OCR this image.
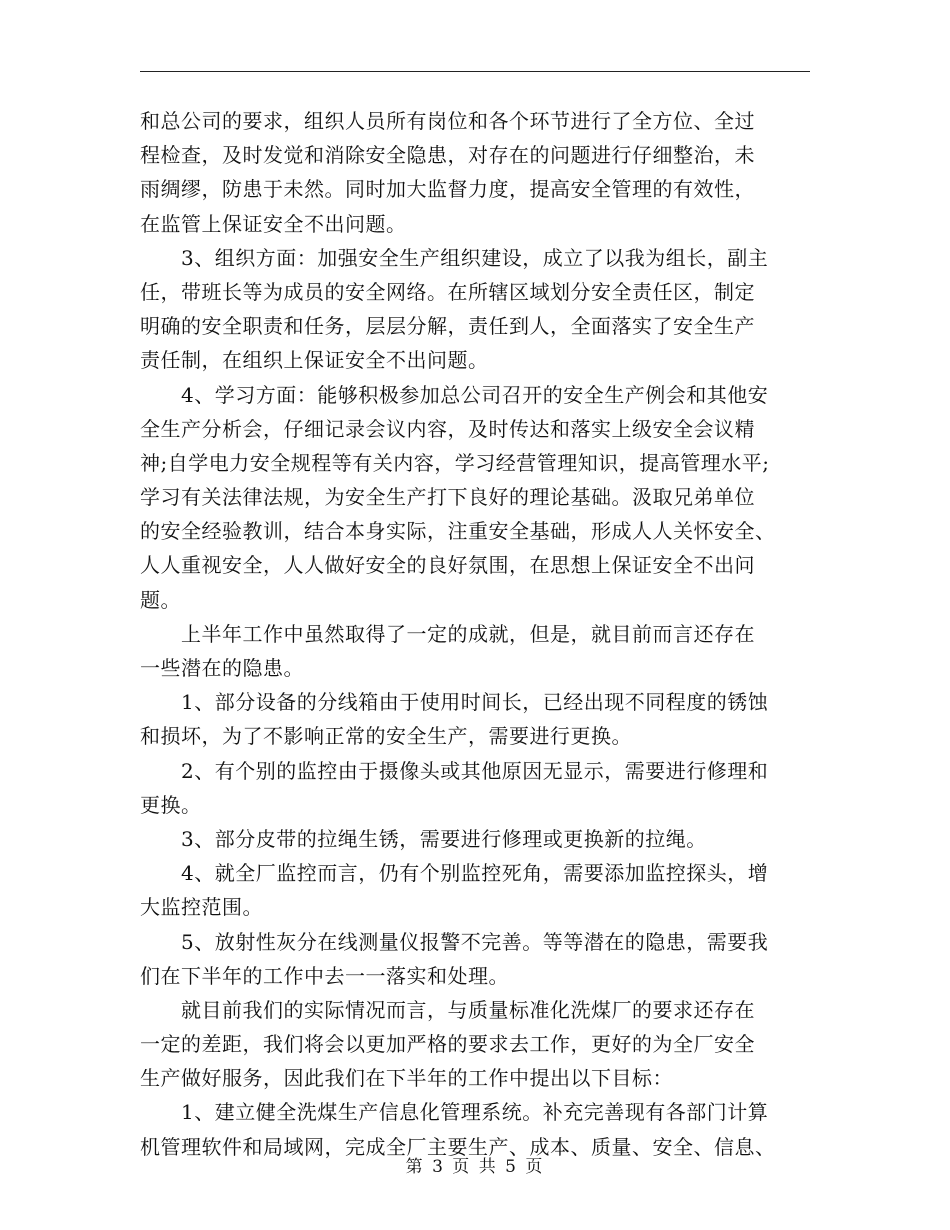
和总公司的要求，组织人员所有岗位和各个环节进行了全方位、全过
程检查，及时发觉和消除安全隐患，对存在的问题进行仔细整治，未
雨绸缪，防患于未然。同时加大监督力度，提高安全管理的有效性，
在监管上保证安全不出问题。
　　3、组织方面：加强安全生产组织建设，成立了以我为组长，副主
任，带班长等为成员的安全网络。在所辖区域划分安全责任区，制定
明确的安全职责和任务，层层分解，责任到人，全面落实了安全生产
责任制，在组织上保证安全不出问题。
　　4、学习方面：能够积极参加总公司召开的安全生产例会和其他安
全生产分析会，仔细记录会议内容，及时传达和落实上级安全会议精
神;自学电力安全规程等有关内容，学习经营管理知识，提高管理水平;
学习有关法律法规，为安全生产打下良好的理论基础。汲取兄弟单位
的安全经验教训，结合本身实际，注重安全基础，形成人人关怀安全、
人人重视安全，人人做好安全的良好氛围，在思想上保证安全不出问
题。
　　上半年工作中虽然取得了一定的成就，但是，就目前而言还存在
一些潜在的隐患。
　　1、部分设备的分线箱由于使用时间长，已经出现不同程度的锈蚀
和损坏，为了不影响正常的安全生产，需要进行更换。
　　2、有个别的监控由于摄像头或其他原因无显示，需要进行修理和
更换。
　　3、部分皮带的拉绳生锈，需要进行修理或更换新的拉绳。
　　4、就全厂监控而言，仍有个别监控死角，需要添加监控探头，增
大监控范围。
　　5、放射性灰分在线测量仪报警不完善。等等潜在的隐患，需要我
们在下半年的工作中去一一落实和处理。
　　就目前我们的实际情况而言，与质量标准化洗煤厂的要求还存在
一定的差距，我们将会以更加严格的要求去工作，更好的为全厂安全
生产做好服务，因此我们在下半年的工作中提出以下目标：
　　1、建立健全洗煤生产信息化管理系统。补充完善现有各部门计算
机管理软件和局域网，完成全厂主要生产、成本、质量、安全、信息、
第 3 页 共 5 页
